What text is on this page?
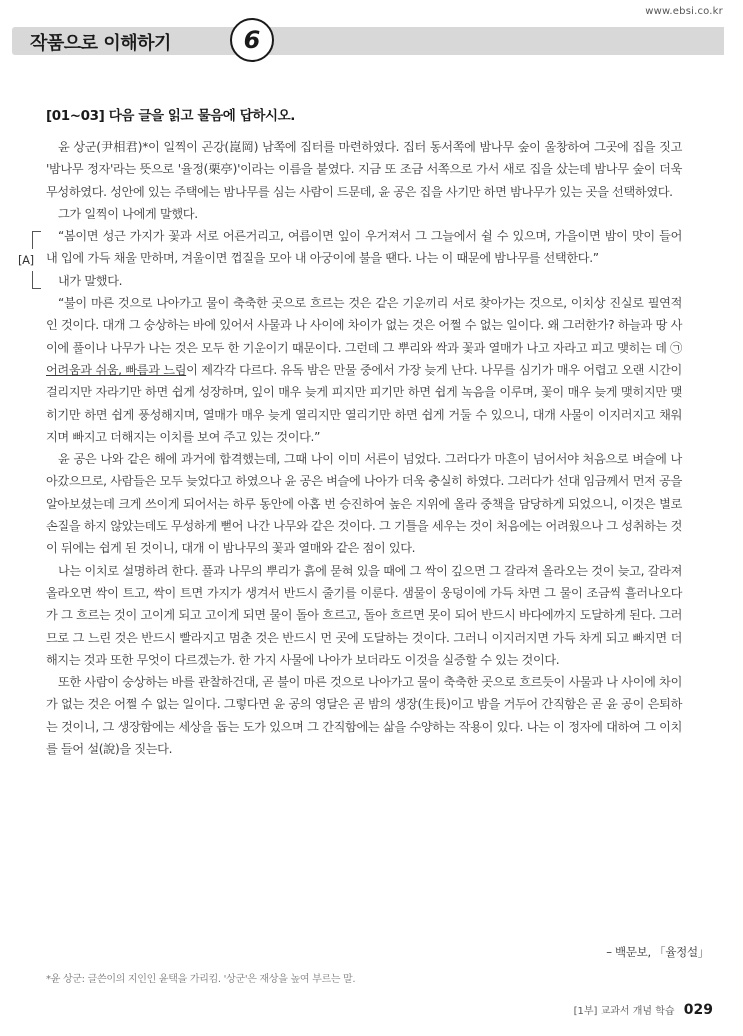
www.ebsi.co.kr
작품으로 이해하기	6
[01~03] 다음 글을 읽고 물음에 답하시오.

윤 상군(尹相君)*이 일찍이 곤강(崑岡) 남쪽에 집터를 마련하였다. 집터 동서쪽에 밤나무 숲이 울창하여 그곳에 집을 짓고 '밤나무 정자'라는 뜻으로 '율정(栗亭)'이라는 이름을 붙였다. 지금 또 조금 서쪽으로 가서 새로 집을 샀는데 밤나무 숲이 더욱 무성하였다. 성안에 있는 주택에는 밤나무를 심는 사람이 드문데, 윤 공은 집을 사기만 하면 밤나무가 있는 곳을 선택하였다.

그가 일찍이 나에게 말했다.

[A]

“봄이면 성근 가지가 꽃과 서로 어른거리고, 여름이면 잎이 우거져서 그 그늘에서 쉴 수 있으며, 가을이면 밤이 맛이 들어 내 입에 가득 채울 만하며, 겨울이면 껍질을 모아 내 아궁이에 불을 땐다. 나는 이 때문에 밤나무를 선택한다.”

내가 말했다.

“불이 마른 것으로 나아가고 물이 축축한 곳으로 흐르는 것은 같은 기운끼리 서로 찾아가는 것으로, 이치상 진실로 필연적인 것이다. 대개 그 숭상하는 바에 있어서 사물과 나 사이에 차이가 없는 것은 어쩔 수 없는 일이다. 왜 그러한가? 하늘과 땅 사이에 풀이나 나무가 나는 것은 모두 한 기운이기 때문이다. 그런데 그 뿌리와 싹과 꽃과 열매가 나고 자라고 피고 맺히는 데 ㉠어려움과 쉬움, 빠름과 느림이 제각각 다르다. 유독 밤은 만물 중에서 가장 늦게 난다. 나무를 심기가 매우 어렵고 오랜 시간이 걸리지만 자라기만 하면 쉽게 성장하며, 잎이 매우 늦게 피지만 피기만 하면 쉽게 녹음을 이루며, 꽃이 매우 늦게 맺히지만 맺히기만 하면 쉽게 풍성해지며, 열매가 매우 늦게 열리지만 열리기만 하면 쉽게 거둘 수 있으니, 대개 사물이 이지러지고 채워지며 빠지고 더해지는 이치를 보여 주고 있는 것이다.”

윤 공은 나와 같은 해에 과거에 합격했는데, 그때 나이 이미 서른이 넘었다. 그러다가 마흔이 넘어서야 처음으로 벼슬에 나아갔으므로, 사람들은 모두 늦었다고 하였으나 윤 공은 벼슬에 나아가 더욱 충실히 하였다. 그러다가 선대 임금께서 먼저 공을 알아보셨는데 크게 쓰이게 되어서는 하루 동안에 아홉 번 승진하여 높은 지위에 올라 중책을 담당하게 되었으니, 이것은 별로 손질을 하지 않았는데도 무성하게 뻗어 나간 나무와 같은 것이다. 그 기틀을 세우는 것이 처음에는 어려웠으나 그 성취하는 것이 뒤에는 쉽게 된 것이니, 대개 이 밤나무의 꽃과 열매와 같은 점이 있다.

나는 이치로 설명하려 한다. 풀과 나무의 뿌리가 흙에 묻혀 있을 때에 그 싹이 깊으면 그 갈라져 올라오는 것이 늦고, 갈라져 올라오면 싹이 트고, 싹이 트면 가지가 생겨서 반드시 줄기를 이룬다. 샘물이 웅덩이에 가득 차면 그 물이 조금씩 흘러나오다가 그 흐르는 것이 고이게 되고 고이게 되면 물이 돌아 흐르고, 돌아 흐르면 못이 되어 반드시 바다에까지 도달하게 된다. 그러므로 그 느린 것은 반드시 빨라지고 멈춘 것은 반드시 먼 곳에 도달하는 것이다. 그러니 이지러지면 가득 차게 되고 빠지면 더해지는 것과 또한 무엇이 다르겠는가. 한 가지 사물에 나아가 보더라도 이것을 실증할 수 있는 것이다.

또한 사람이 숭상하는 바를 관찰하건대, 곧 불이 마른 것으로 나아가고 물이 축축한 곳으로 흐르듯이 사물과 나 사이에 차이가 없는 것은 어쩔 수 없는 일이다. 그렇다면 윤 공의 영달은 곧 밤의 생장(生長)이고 밤을 거두어 간직함은 곧 윤 공이 은퇴하는 것이니, 그 생장함에는 세상을 돕는 도가 있으며 그 간직함에는 삶을 수양하는 작용이 있다. 나는 이 정자에 대하여 그 이치를 들어 설(說)을 짓는다.

– 백문보, 「율정설」
*윤 상군: 글쓴이의 지인인 윤택을 가리킴. '상군'은 재상을 높여 부르는 말.
[1부] 교과서 개념 학습 029
